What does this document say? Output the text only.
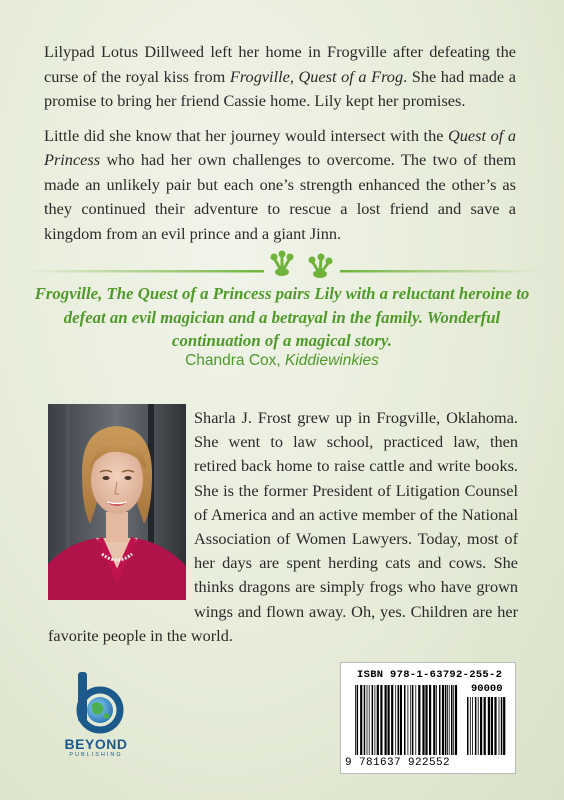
Lilypad Lotus Dillweed left her home in Frogville after defeating the curse of the royal kiss from Frogville, Quest of a Frog. She had made a promise to bring her friend Cassie home. Lily kept her promises.

Little did she know that her journey would intersect with the Quest of a Princess who had her own challenges to overcome. The two of them made an unlikely pair but each one’s strength enhanced the other’s as they continued their adventure to rescue a lost friend and save a kingdom from an evil prince and a giant Jinn.

Frogville, The Quest of a Princess pairs Lily with a reluctant heroine to defeat an evil magician and a betrayal in the family. Wonderful continuation of a magical story.
Chandra Cox, Kiddiewinkies
Sharla J. Frost grew up in Frogville, Oklahoma. She went to law school, practiced law, then retired back home to raise cattle and write books. She is the former President of Litigation Counsel of America and an active member of the National Association of Women Lawyers. Today, most of her days are spent herding cats and cows. She thinks dragons are simply frogs who have grown wings and flown away. Oh, yes. Children are her favorite people in the world.
ISBN 978-1-63792-255-2
90000
9 781637 922552
BEYOND
PUBLISHING
